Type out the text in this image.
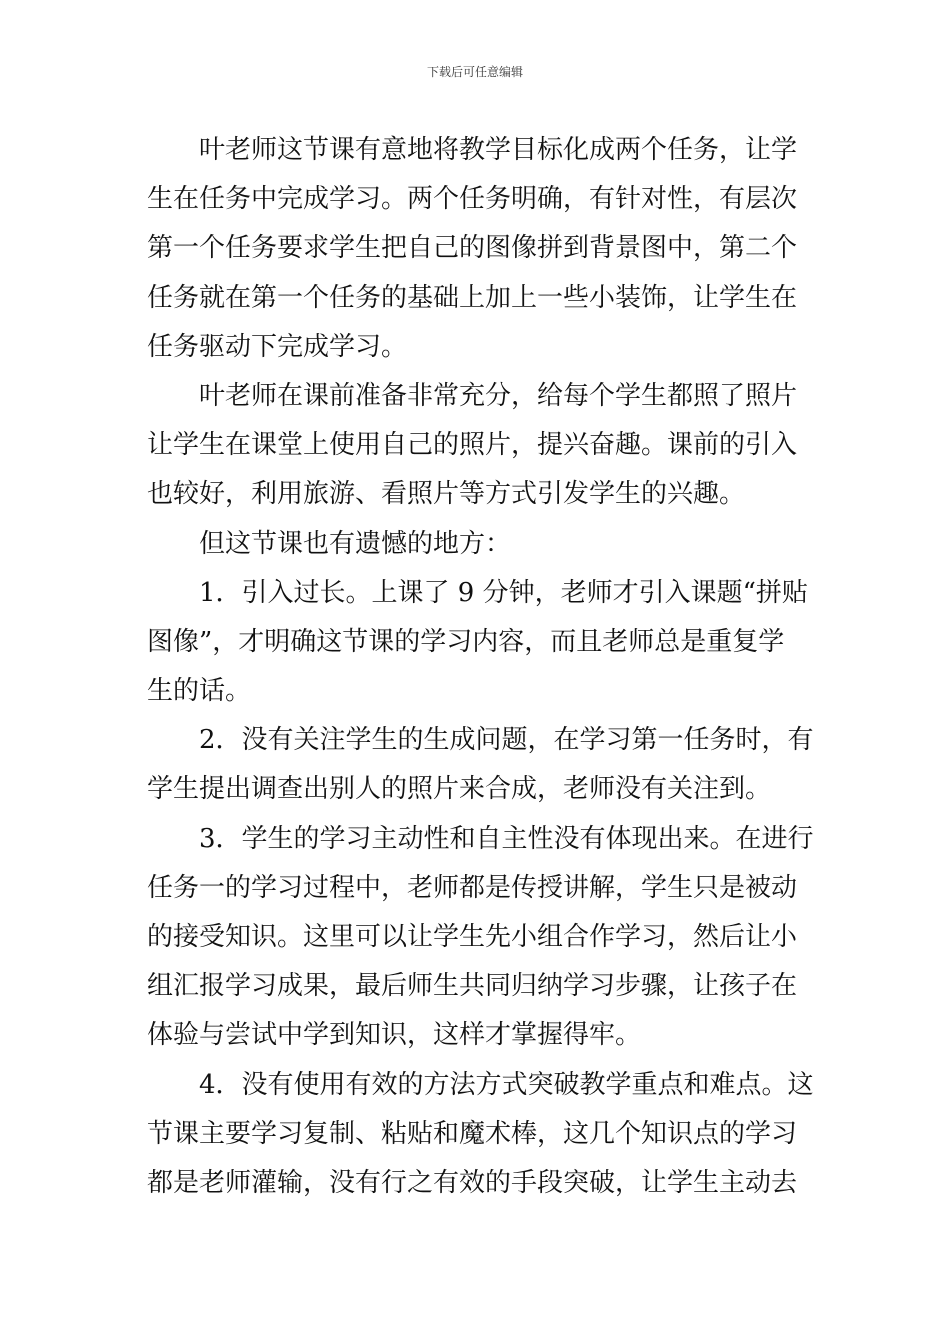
下载后可任意编辑
叶老师这节课有意地将教学目标化成两个任务，让学
生在任务中完成学习。两个任务明确，有针对性，有层次
第一个任务要求学生把自己的图像拼到背景图中，第二个
任务就在第一个任务的基础上加上一些小装饰，让学生在
任务驱动下完成学习。
叶老师在课前准备非常充分，给每个学生都照了照片
让学生在课堂上使用自己的照片，提兴奋趣。课前的引入
也较好，利用旅游、看照片等方式引发学生的兴趣。
但这节课也有遗憾的地方：
1．引入过长。上课了 9 分钟，老师才引入课题“拼贴
图像”，才明确这节课的学习内容，而且老师总是重复学
生的话。
2．没有关注学生的生成问题，在学习第一任务时，有
学生提出调查出别人的照片来合成，老师没有关注到。
3．学生的学习主动性和自主性没有体现出来。在进行
任务一的学习过程中，老师都是传授讲解，学生只是被动
的接受知识。这里可以让学生先小组合作学习，然后让小
组汇报学习成果，最后师生共同归纳学习步骤，让孩子在
体验与尝试中学到知识，这样才掌握得牢。
4．没有使用有效的方法方式突破教学重点和难点。这
节课主要学习复制、粘贴和魔术棒，这几个知识点的学习
都是老师灌输，没有行之有效的手段突破，让学生主动去
